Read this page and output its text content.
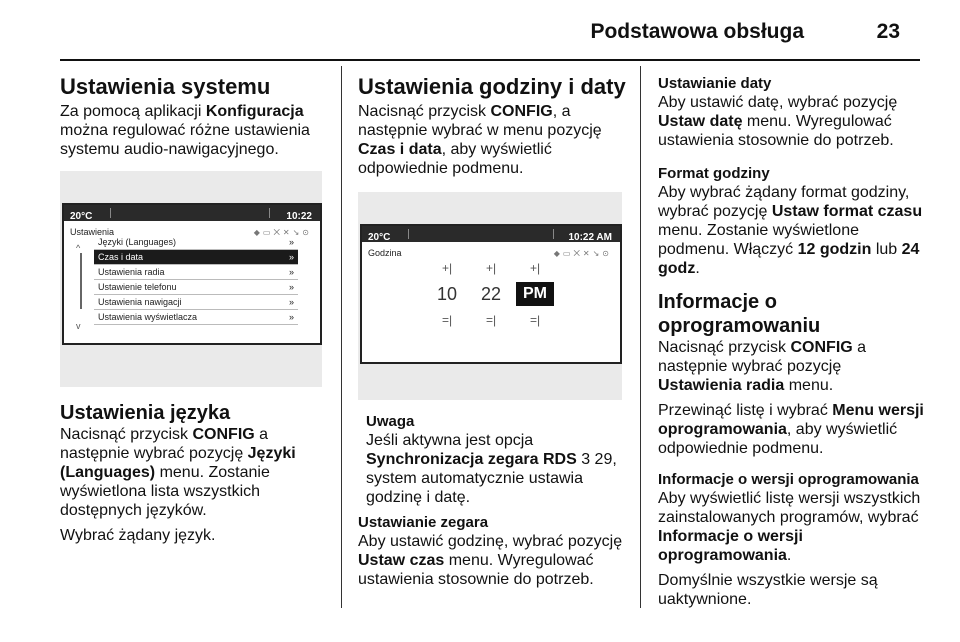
Podstawowa obsługa	23
Ustawienia systemu

Za pomocą aplikacji Konfiguracja można regulować różne ustawienia systemu audio-nawigacyjnego.

20°C	10:22
Ustawienia	◆▭⨉✕↘⊙
^
v
Języki (Languages)	»
Czas i data	»
Ustawienia radia	»
Ustawienie telefonu	»
Ustawienia nawigacji	»
Ustawienia wyświetlacza	»
Ustawienia języka

Nacisnąć przycisk CONFIG a następnie wybrać pozycję Języki (Languages) menu. Zostanie wyświetlona lista wszystkich dostępnych języków.

Wybrać żądany język.

Ustawienia godziny i daty

Nacisnąć przycisk CONFIG, a następnie wybrać w menu pozycję Czas i data, aby wyświetlić odpowiednie podmenu.

20°C	10:22 AM
Godzina	◆▭⨉✕↘⊙
+|
10
=|
+|
22
=|
+|
PM
=|
Uwaga

Jeśli aktywna jest opcja Synchronizacja zegara RDS 3 29, system automatycznie ustawia godzinę i datę.

Ustawianie zegara

Aby ustawić godzinę, wybrać pozycję Ustaw czas menu. Wyregulować ustawienia stosownie do potrzeb.

Ustawianie daty

Aby ustawić datę, wybrać pozycję Ustaw datę menu. Wyregulować ustawienia stosownie do potrzeb.

Format godziny

Aby wybrać żądany format godziny, wybrać pozycję Ustaw format czasu menu. Zostanie wyświetlone podmenu. Włączyć 12 godzin lub 24 godz.

Informacje o oprogramowaniu

Nacisnąć przycisk CONFIG a następnie wybrać pozycję Ustawienia radia menu.

Przewinąć listę i wybrać Menu wersji oprogramowania, aby wyświetlić odpowiednie podmenu.

Informacje o wersji oprogramowania

Aby wyświetlić listę wersji wszystkich zainstalowanych programów, wybrać Informacje o wersji oprogramowania.

Domyślnie wszystkie wersje są uaktywnione.
